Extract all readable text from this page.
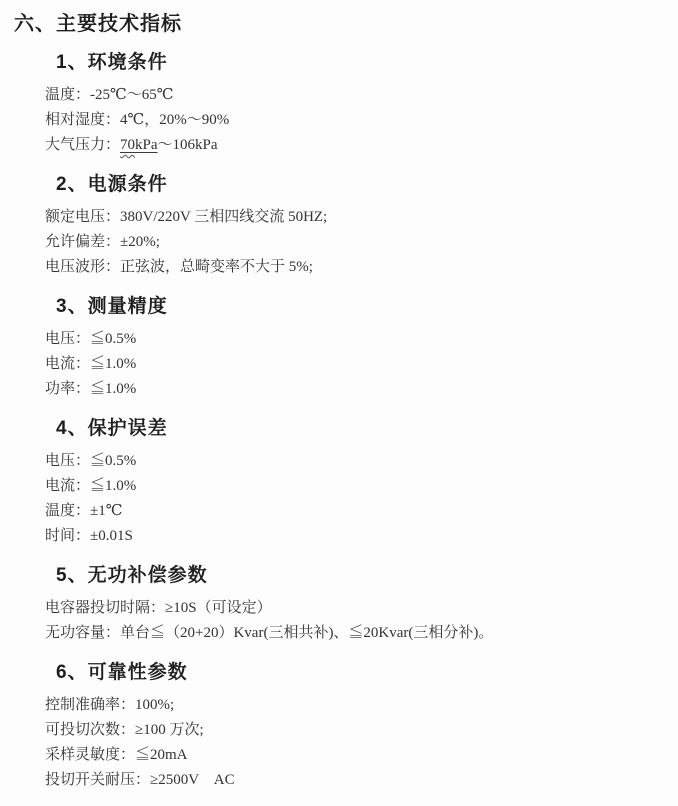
六、主要技术指标
1、环境条件

温度：-25℃～65℃

相对湿度：4℃，20%～90%

大气压力：70kPa～106kPa

2、电源条件

额定电压：380V/220V 三相四线交流 50HZ;

允许偏差：±20%;

电压波形：正弦波，总畸变率不大于 5%;

3、测量精度

电压：≦0.5%

电流：≦1.0%

功率：≦1.0%

4、保护误差

电压：≦0.5%

电流：≦1.0%

温度：±1℃

时间：±0.01S

5、无功补偿参数

电容器投切时隔：≥10S（可设定）

无功容量：单台≦（20+20）Kvar(三相共补)、≦20Kvar(三相分补)。

6、可靠性参数

控制准确率：100%;

可投切次数：≥100 万次;

采样灵敏度：≦20mA

投切开关耐压：≥2500V　AC
